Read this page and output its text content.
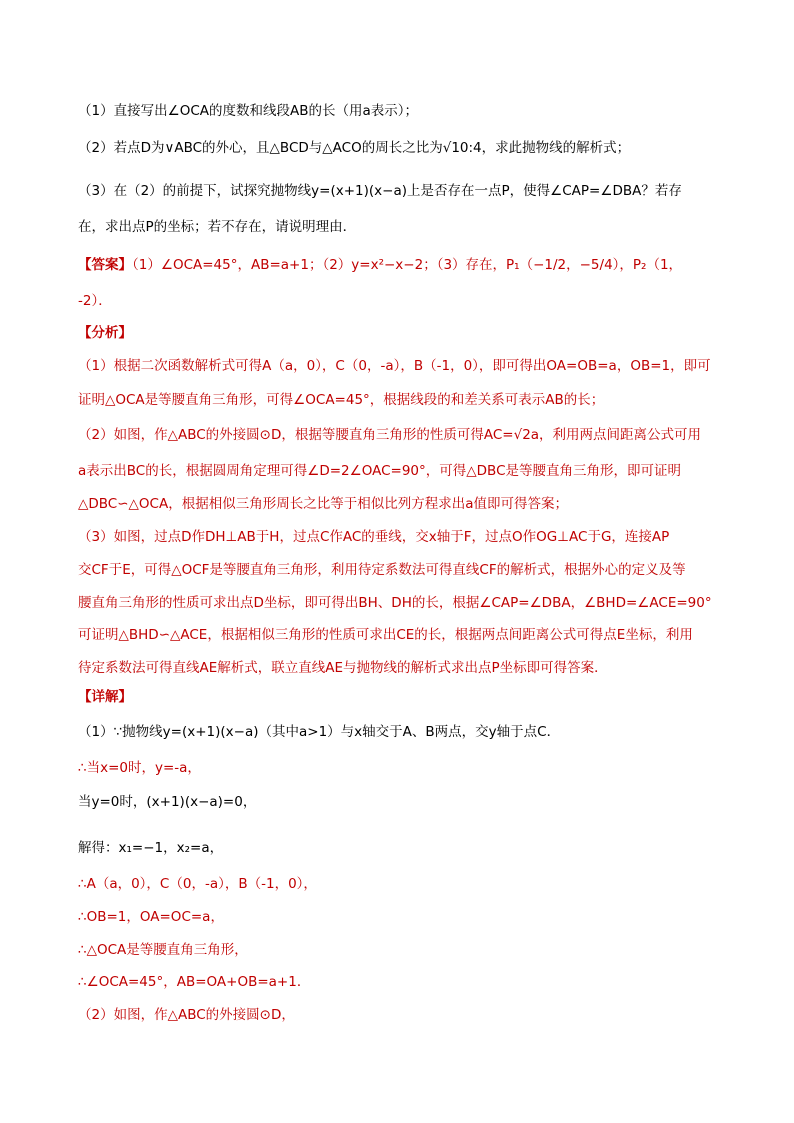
（1）直接写出∠OCA的度数和线段AB的长（用a表示）；
（2）若点D为∨ABC的外心，且△BCD与△ACO的周长之比为√10:4，求此抛物线的解析式；
（3）在（2）的前提下，试探究抛物线y=(x+1)(x−a)上是否存在一点P，使得∠CAP=∠DBA？若存
在，求出点P的坐标；若不存在，请说明理由．
【答案】（1）∠OCA=45°，AB=a+1；（2）y=x²−x−2；（3）存在，P₁（−1/2，−5/4），P₂（1，
-2）．
【分析】
（1）根据二次函数解析式可得A（a，0），C（0，-a），B（-1，0），即可得出OA=OB=a，OB=1，即可
证明△OCA是等腰直角三角形，可得∠OCA=45°，根据线段的和差关系可表示AB的长；
（2）如图，作△ABC的外接圆⊙D，根据等腰直角三角形的性质可得AC=√2a，利用两点间距离公式可用
a表示出BC的长，根据圆周角定理可得∠D=2∠OAC=90°，可得△DBC是等腰直角三角形，即可证明
△DBC∽△OCA，根据相似三角形周长之比等于相似比列方程求出a值即可得答案；
（3）如图，过点D作DH⊥AB于H，过点C作AC的垂线，交x轴于F，过点O作OG⊥AC于G，连接AP
交CF于E，可得△OCF是等腰直角三角形，利用待定系数法可得直线CF的解析式，根据外心的定义及等
腰直角三角形的性质可求出点D坐标，即可得出BH、DH的长，根据∠CAP=∠DBA，∠BHD=∠ACE=90°
可证明△BHD∽△ACE，根据相似三角形的性质可求出CE的长，根据两点间距离公式可得点E坐标，利用
待定系数法可得直线AE解析式，联立直线AE与抛物线的解析式求出点P坐标即可得答案．
【详解】
（1）∵抛物线y=(x+1)(x−a)（其中a>1）与x轴交于A、B两点，交y轴于点C．
∴当x=0时，y=-a，
当y=0时，(x+1)(x−a)=0，
解得：x₁=−1，x₂=a，
∴A（a，0），C（0，-a），B（-1，0），
∴OB=1，OA=OC=a，
∴△OCA是等腰直角三角形，
∴∠OCA=45°，AB=OA+OB=a+1．
（2）如图，作△ABC的外接圆⊙D，
